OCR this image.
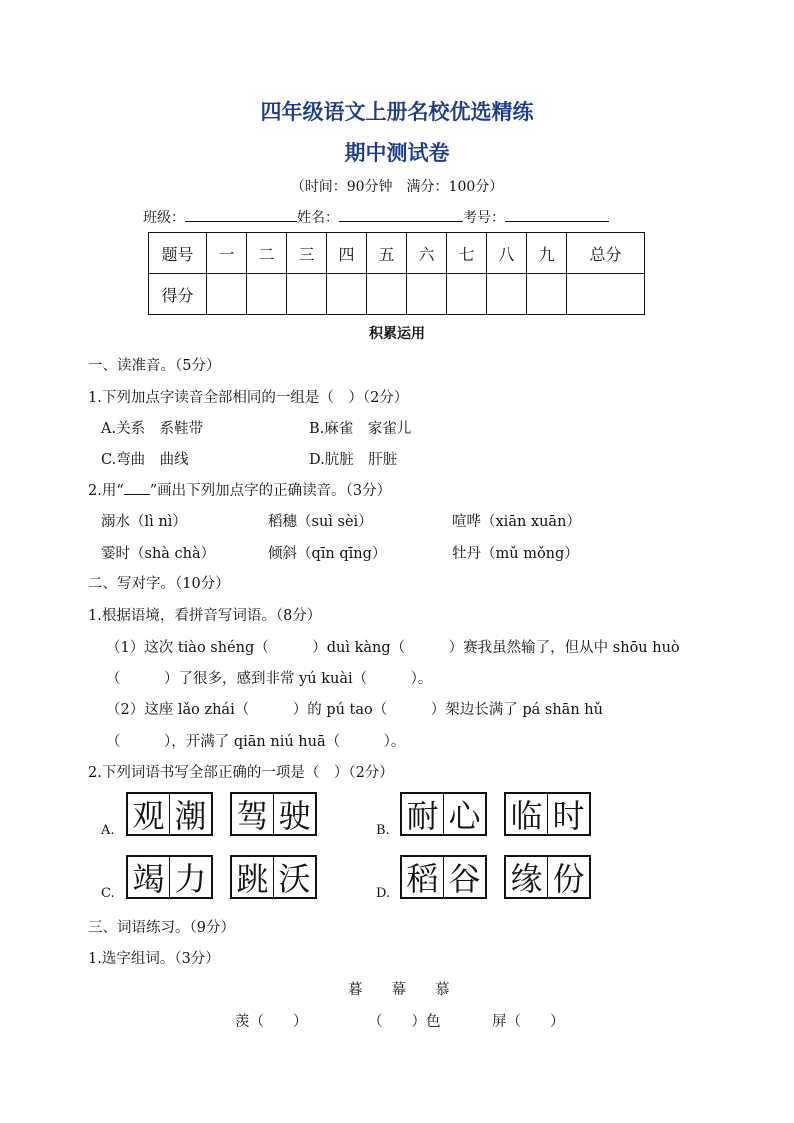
四年级语文上册名校优选精练
期中测试卷
（时间：90分钟　满分：100分）
班级：	姓名：	考号：
题号	一	二	三	四	五	六	七	八	九	总分
得分										
积累运用
一、读准音。（5分）
1.下列加点字读音全部相同的一组是（　）（2分）
A.关系　系鞋带	B.麻雀　家雀儿
C.弯曲　曲线	D.肮脏　肝脏
2.用“ ”画出下列加点字的正确读音。（3分）
溺水（lì nì）	稻穗（suì sèi）	喧哗（xiān xuān）
霎时（shà chà）	倾斜（qīn qīng）	牡丹（mǔ mǒng）
二、写对字。（10分）
1.根据语境，看拼音写词语。（8分）
（1）这次 tiào shéng（　　　）duì kàng（　　　）赛我虽然输了，但从中 shōu huò
（　　　）了很多，感到非常 yú kuài（　　　）。
（2）这座 lǎo zhái（　　　）的 pú tao（　　　）架边长满了 pá shān hǔ
（　　　），开满了 qiān niú huā（　　　）。
2.下列词语书写全部正确的一项是（　）（2分）
A. 观 潮 驾 驶	B. 耐 心 临 时
C. 竭 力 跳 沃	D. 稻 谷 缘 份
三、词语练习。（9分）
1.选字组词。（3分）
暮　　幕　　慕
羡（　　）	（　　）色	屏（　　）
